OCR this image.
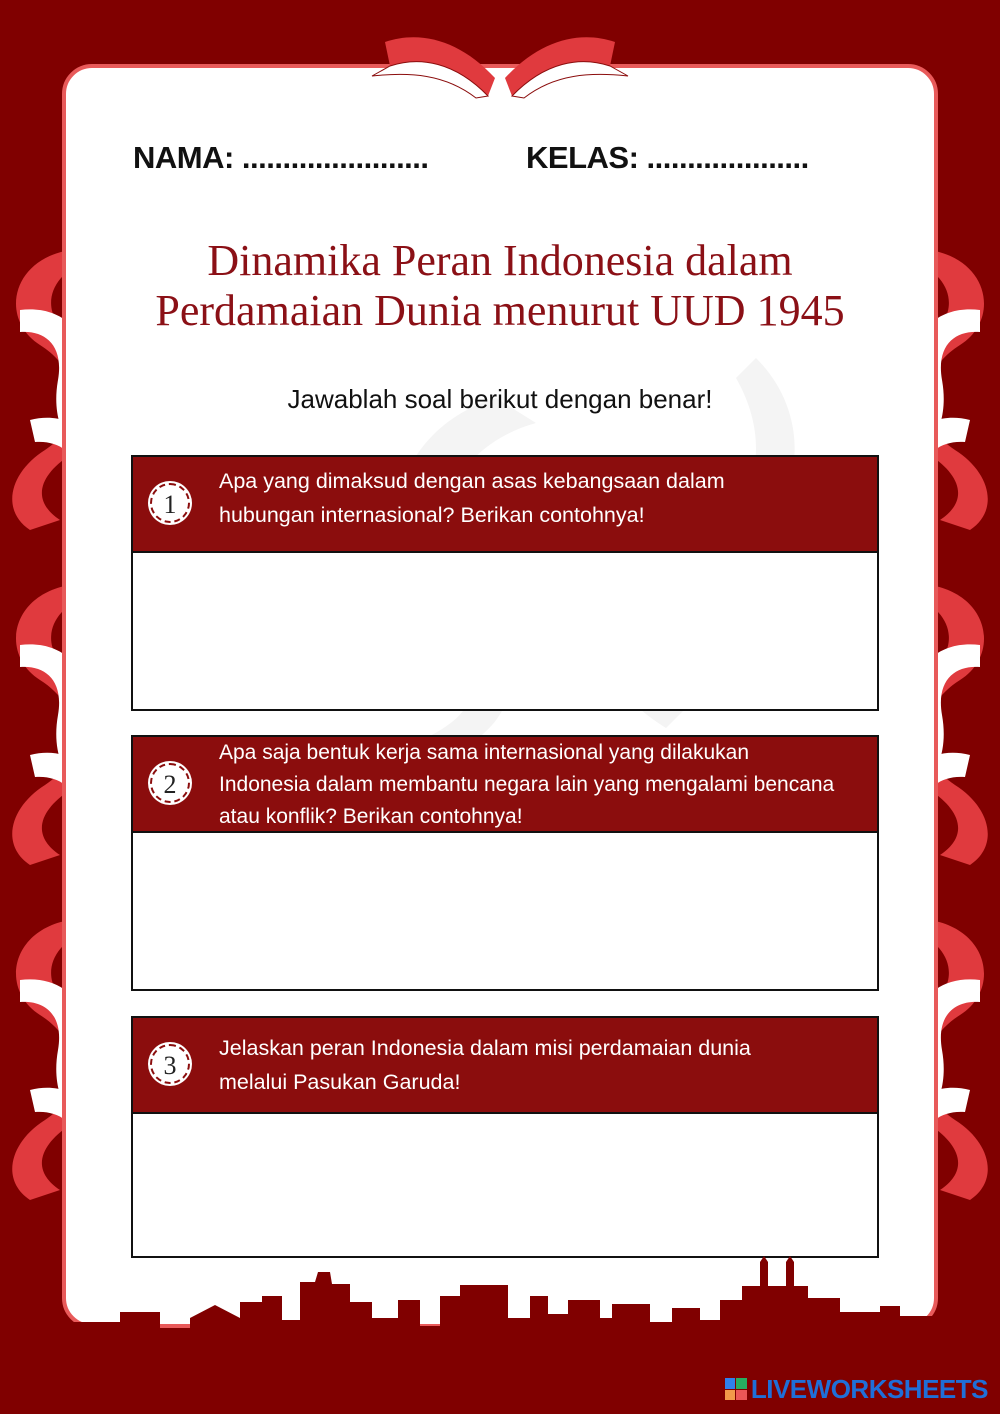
NAMA: .......................	KELAS: ....................
Dinamika Peran Indonesia dalam
Perdamaian Dunia menurut UUD 1945
Jawablah soal berikut dengan benar!
1
Apa yang dimaksud dengan asas kebangsaan dalam
hubungan internasional? Berikan contohnya!
2
Apa saja bentuk kerja sama internasional yang dilakukan
Indonesia dalam membantu negara lain yang mengalami bencana
atau konflik? Berikan contohnya!
3
Jelaskan peran Indonesia dalam misi perdamaian dunia
melalui Pasukan Garuda!
LIVEWORKSHEETS
